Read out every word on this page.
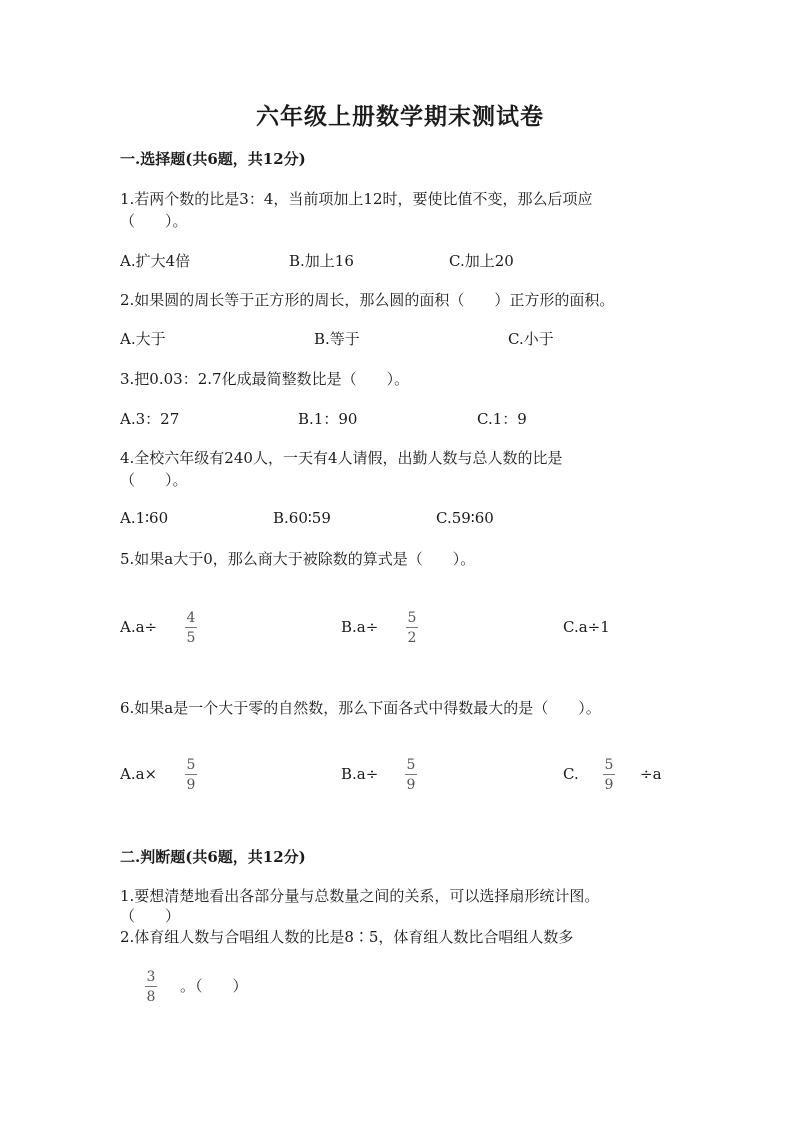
六年级上册数学期末测试卷
一.选择题(共6题，共12分)
1.若两个数的比是3：4，当前项加上12时，要使比值不变，那么后项应
（　　）。
A.扩大4倍	B.加上16	C.加上20
2.如果圆的周长等于正方形的周长，那么圆的面积（　　）正方形的面积。
A.大于	B.等于	C.小于
3.把0.03：2.7化成最简整数比是（　　）。
A.3：27	B.1：90	C.1：9
4.全校六年级有240人，一天有4人请假，出勤人数与总人数的比是
（　　）。
A.1∶60	B.60∶59	C.59∶60
5.如果a大于0，那么商大于被除数的算式是（　　）。
A.a÷ 4
5
B.a÷ 5
2
C.a÷1
6.如果a是一个大于零的自然数，那么下面各式中得数最大的是（　　）。
A.a× 5
9
B.a÷ 5
9
C. 5
9
÷a
二.判断题(共6题，共12分)
1.要想清楚地看出各部分量与总数量之间的关系，可以选择扇形统计图。
（　　）
2.体育组人数与合唱组人数的比是8∶5，体育组人数比合唱组人数多
3
8
。（　　）
